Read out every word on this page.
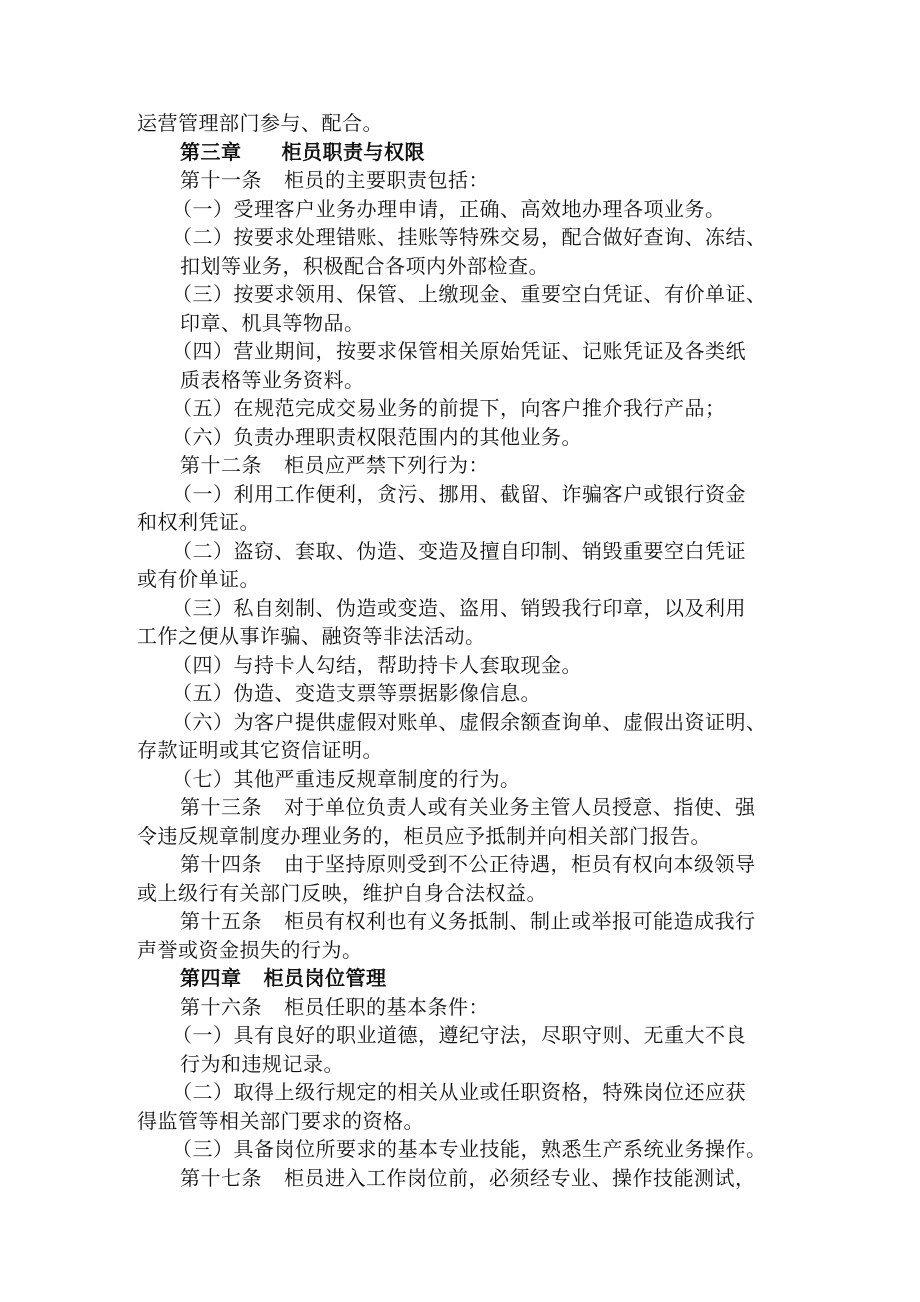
运营管理部门参与、配合。
第三章 柜员职责与权限
第十一条 柜员的主要职责包括：
（一）受理客户业务办理申请，正确、高效地办理各项业务。
（二）按要求处理错账、挂账等特殊交易，配合做好查询、冻结、
扣划等业务，积极配合各项内外部检查。
（三）按要求领用、保管、上缴现金、重要空白凭证、有价单证、
印章、机具等物品。
（四）营业期间，按要求保管相关原始凭证、记账凭证及各类纸
质表格等业务资料。
（五）在规范完成交易业务的前提下，向客户推介我行产品；
（六）负责办理职责权限范围内的其他业务。
第十二条 柜员应严禁下列行为：
（一）利用工作便利，贪污、挪用、截留、诈骗客户或银行资金
和权利凭证。
（二）盗窃、套取、伪造、变造及擅自印制、销毁重要空白凭证
或有价单证。
（三）私自刻制、伪造或变造、盗用、销毁我行印章，以及利用
工作之便从事诈骗、融资等非法活动。
（四）与持卡人勾结，帮助持卡人套取现金。
（五）伪造、变造支票等票据影像信息。
（六）为客户提供虚假对账单、虚假余额查询单、虚假出资证明、
存款证明或其它资信证明。
（七）其他严重违反规章制度的行为。
第十三条 对于单位负责人或有关业务主管人员授意、指使、强
令违反规章制度办理业务的，柜员应予抵制并向相关部门报告。
第十四条 由于坚持原则受到不公正待遇，柜员有权向本级领导
或上级行有关部门反映，维护自身合法权益。
第十五条 柜员有权利也有义务抵制、制止或举报可能造成我行
声誉或资金损失的行为。
第四章 柜员岗位管理
第十六条 柜员任职的基本条件：
（一）具有良好的职业道德，遵纪守法，尽职守则、无重大不良
行为和违规记录。
（二）取得上级行规定的相关从业或任职资格，特殊岗位还应获
得监管等相关部门要求的资格。
（三）具备岗位所要求的基本专业技能，熟悉生产系统业务操作。
第十七条 柜员进入工作岗位前，必须经专业、操作技能测试，
